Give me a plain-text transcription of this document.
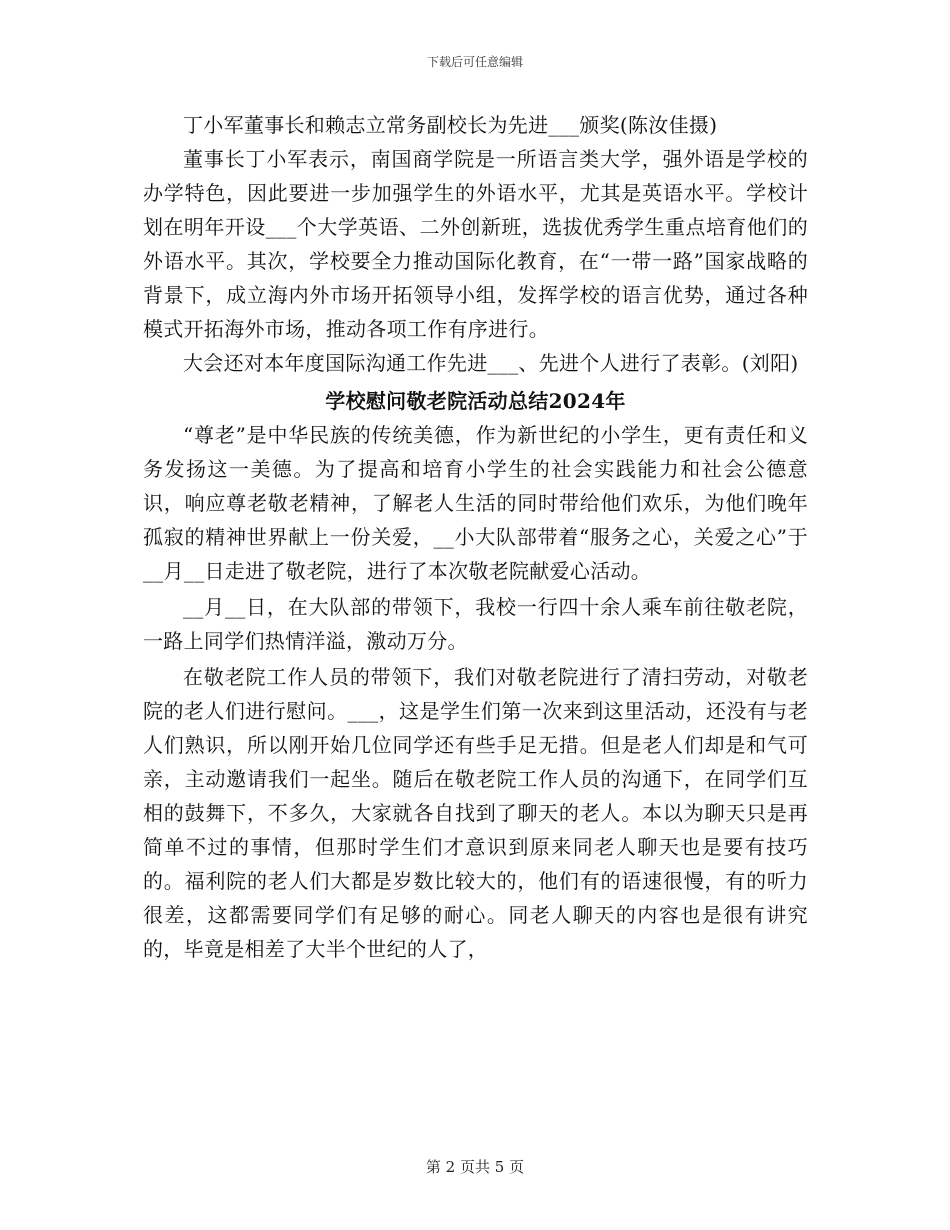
下载后可任意编辑

丁小军董事长和赖志立常务副校长为先进___颁奖(陈汝佳摄)

董事长丁小军表示，南国商学院是一所语言类大学，强外语是学校的办学特色，因此要进一步加强学生的外语水平，尤其是英语水平。学校计划在明年开设___个大学英语、二外创新班，选拔优秀学生重点培育他们的外语水平。其次，学校要全力推动国际化教育，在“一带一路”国家战略的背景下，成立海内外市场开拓领导小组，发挥学校的语言优势，通过各种模式开拓海外市场，推动各项工作有序进行。

大会还对本年度国际沟通工作先进___、先进个人进行了表彰。(刘阳)

学校慰问敬老院活动总结2024年

“尊老”是中华民族的传统美德，作为新世纪的小学生，更有责任和义务发扬这一美德。为了提高和培育小学生的社会实践能力和社会公德意识，响应尊老敬老精神，了解老人生活的同时带给他们欢乐，为他们晚年孤寂的精神世界献上一份关爱，__小大队部带着“服务之心，关爱之心”于__月__日走进了敬老院，进行了本次敬老院献爱心活动。

__月__日，在大队部的带领下，我校一行四十余人乘车前往敬老院，一路上同学们热情洋溢，激动万分。

在敬老院工作人员的带领下，我们对敬老院进行了清扫劳动，对敬老院的老人们进行慰问。___，这是学生们第一次来到这里活动，还没有与老人们熟识，所以刚开始几位同学还有些手足无措。但是老人们却是和气可亲，主动邀请我们一起坐。随后在敬老院工作人员的沟通下，在同学们互相的鼓舞下，不多久，大家就各自找到了聊天的老人。本以为聊天只是再简单不过的事情，但那时学生们才意识到原来同老人聊天也是要有技巧的。福利院的老人们大都是岁数比较大的，他们有的语速很慢，有的听力很差，这都需要同学们有足够的耐心。同老人聊天的内容也是很有讲究的，毕竟是相差了大半个世纪的人了，

第 2 页共 5 页
